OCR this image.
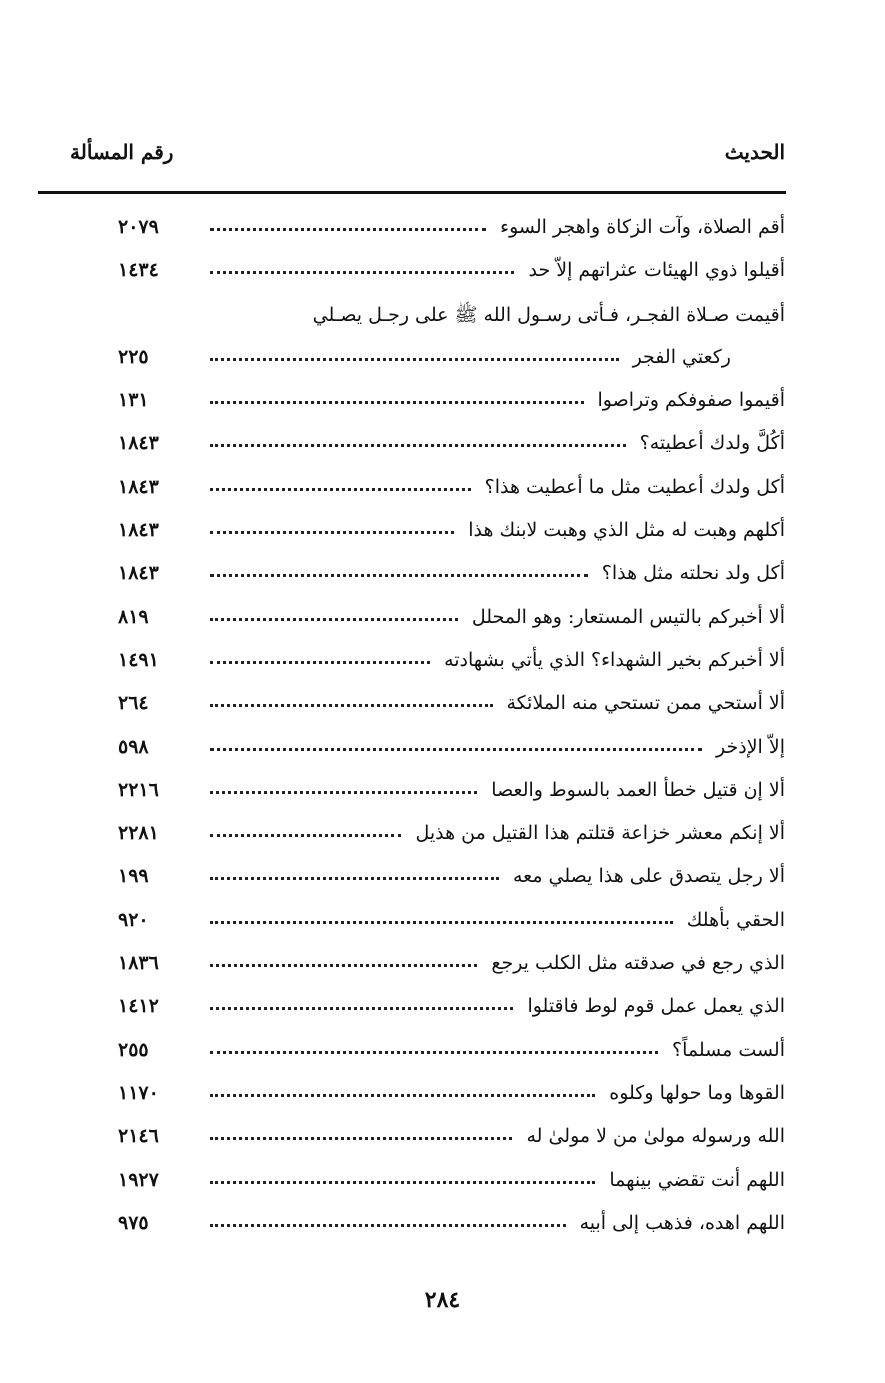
الحديث
رقم المسألة
أقم الصلاة، وآت الزكاة واهجر السوء
٢٠٧٩
أقيلوا ذوي الهيئات عثراتهم إلاّ حد
١٤٣٤
أقيمت صـلاة الفجـر، فـأتى رسـول الله ﷺ على رجـل يصـلي
ركعتي الفجر
٢٢٥
أقيموا صفوفكم وتراصوا
١٣١
أكُلَّ ولدك أعطيته؟
١٨٤٣
أكل ولدك أعطيت مثل ما أعطيت هذا؟
١٨٤٣
أكلهم وهبت له مثل الذي وهبت لابنك هذا
١٨٤٣
أكل ولد نحلته مثل هذا؟
١٨٤٣
ألا أخبركم بالتيس المستعار: وهو المحلل
٨١٩
ألا أخبركم بخير الشهداء؟ الذي يأتي بشهادته
١٤٩١
ألا أستحي ممن تستحي منه الملائكة
٢٦٤
إلاّ الإذخر
٥٩٨
ألا إن قتيل خطأ العمد بالسوط والعصا
٢٢١٦
ألا إنكم معشر خزاعة قتلتم هذا القتيل من هذيل
٢٢٨١
ألا رجل يتصدق على هذا يصلي معه
١٩٩
الحقي بأهلك
٩٢٠
الذي رجع في صدقته مثل الكلب يرجع
١٨٣٦
الذي يعمل عمل قوم لوط فاقتلوا
١٤١٢
ألست مسلماً؟
٢٥٥
القوها وما حولها وكلوه
١١٧٠
الله ورسوله مولىٰ من لا مولىٰ له
٢١٤٦
اللهم أنت تقضي بينهما
١٩٢٧
اللهم اهده، فذهب إلى أبيه
٩٧٥
٢٨٤
